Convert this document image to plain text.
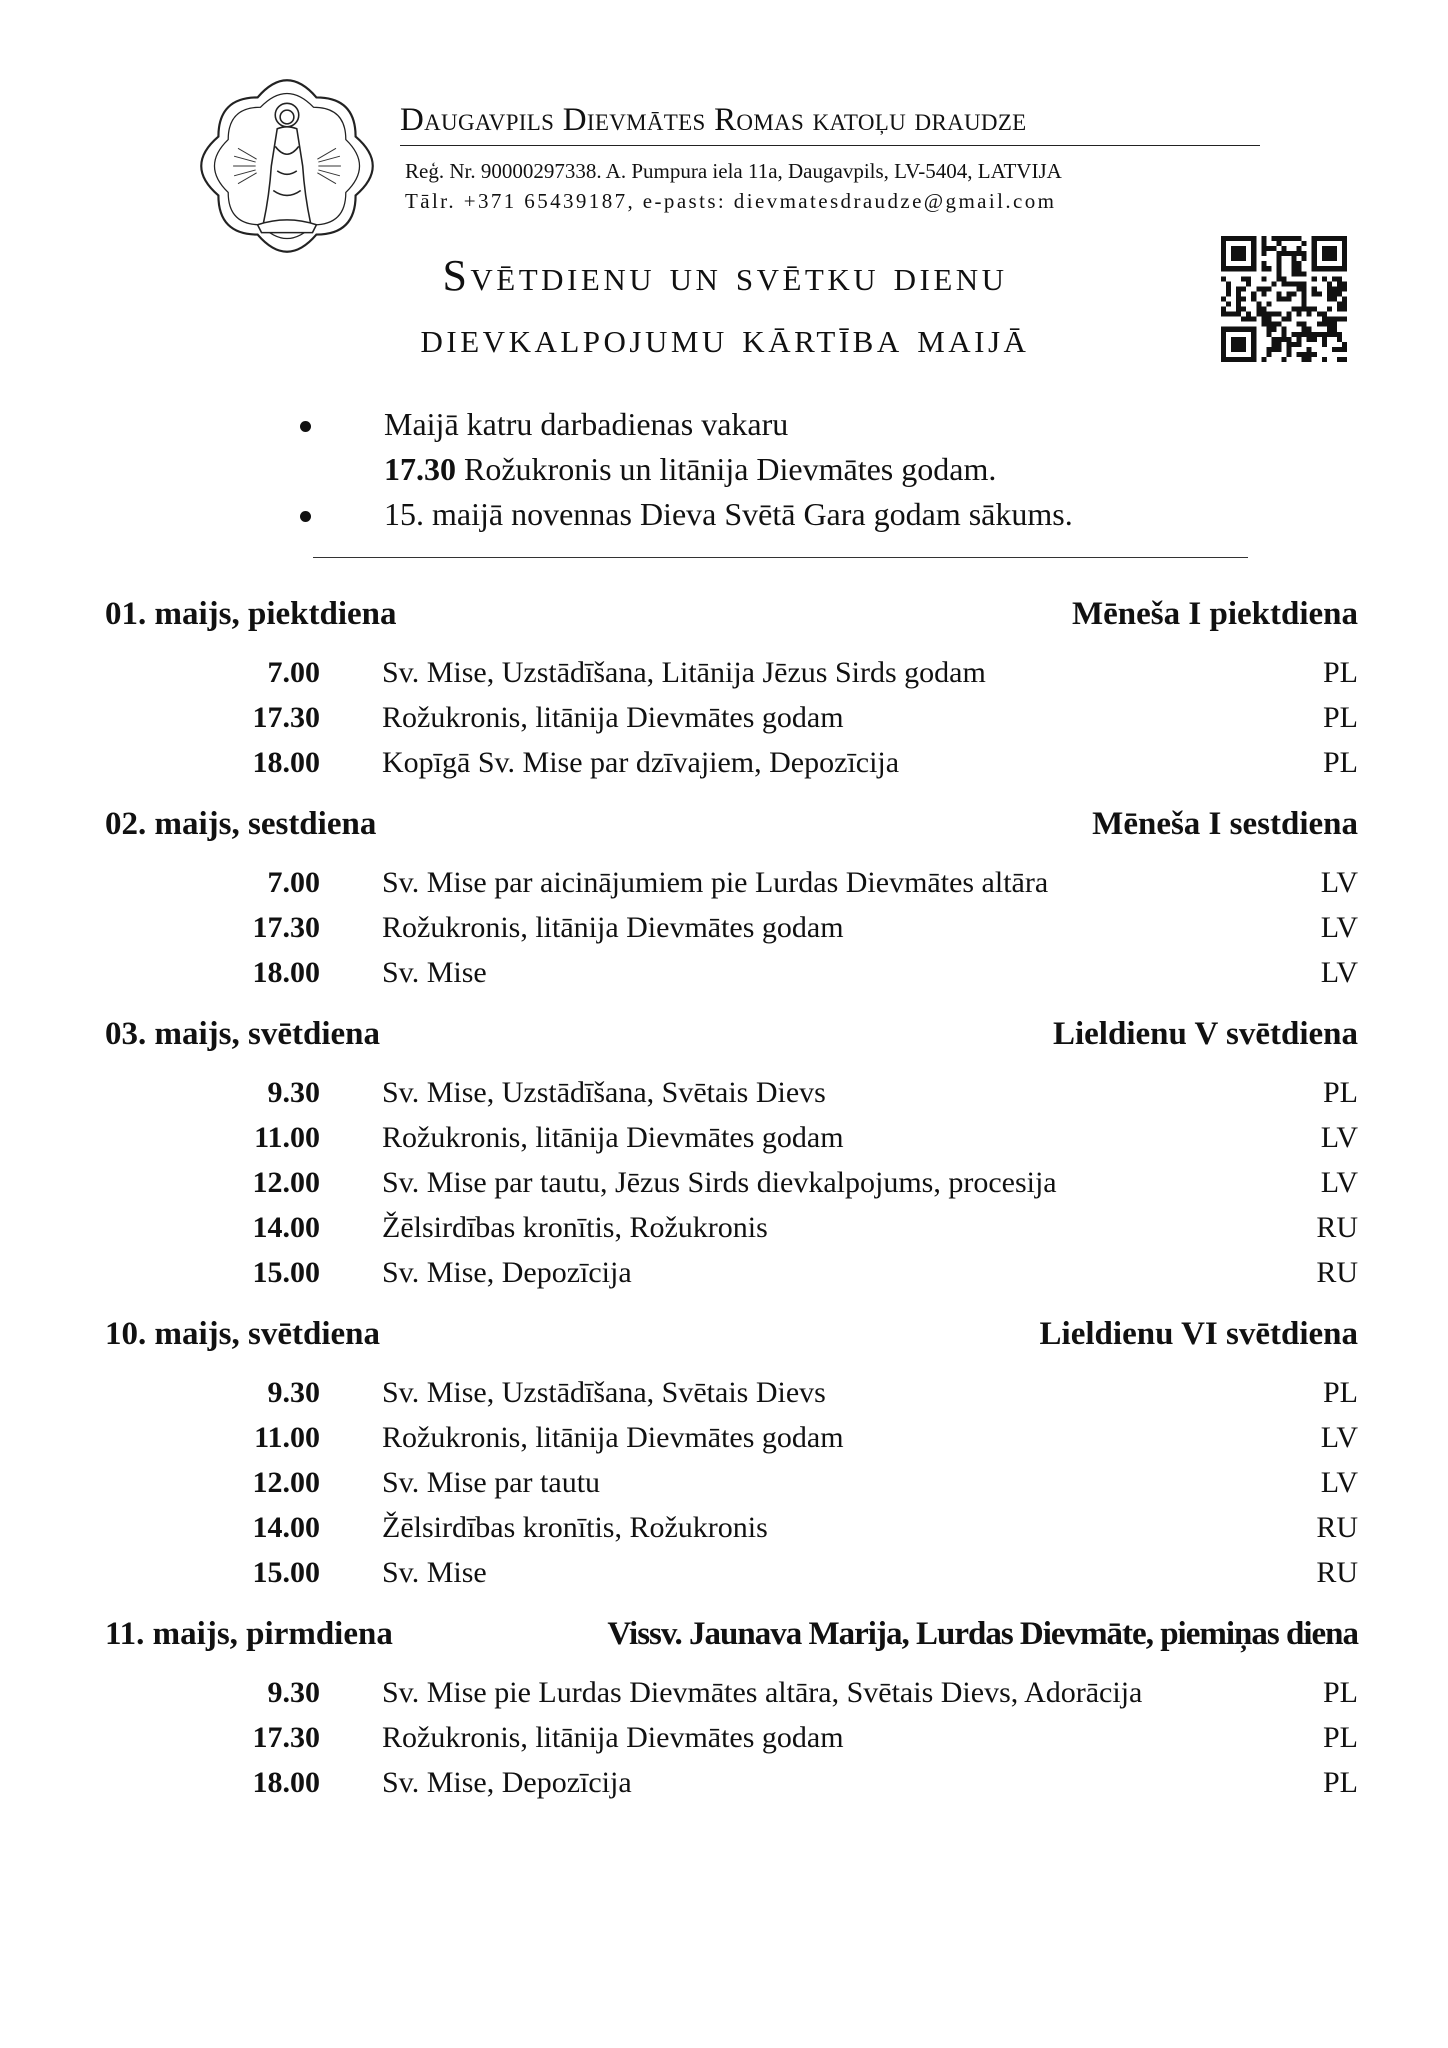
Daugavpils Dievmātes Romas katoļu draudze
Reģ. Nr. 90000297338. A. Pumpura iela 11a, Daugavpils, LV-5404, LATVIJA
Tālr. +371 65439187, e-pasts: dievmatesdraudze@gmail.com
Svētdienu un svētku dienu
dievkalpojumu kārtība maijā
Maijā katru darbadienas vakaru
17.30 Rožukronis un litānija Dievmātes godam.
15. maijā novennas Dieva Svētā Gara godam sākums.
01. maijs, piektdiena	Mēneša I piektdiena
7.00	Sv. Mise, Uzstādīšana, Litānija Jēzus Sirds godam	PL
17.30	Rožukronis, litānija Dievmātes godam	PL
18.00	Kopīgā Sv. Mise par dzīvajiem, Depozīcija	PL
02. maijs, sestdiena	Mēneša I sestdiena
7.00	Sv. Mise par aicinājumiem pie Lurdas Dievmātes altāra	LV
17.30	Rožukronis, litānija Dievmātes godam	LV
18.00	Sv. Mise	LV
03. maijs, svētdiena	Lieldienu V svētdiena
9.30	Sv. Mise, Uzstādīšana, Svētais Dievs	PL
11.00	Rožukronis, litānija Dievmātes godam	LV
12.00	Sv. Mise par tautu, Jēzus Sirds dievkalpojums, procesija	LV
14.00	Žēlsirdības kronītis, Rožukronis	RU
15.00	Sv. Mise, Depozīcija	RU
10. maijs, svētdiena	Lieldienu VI svētdiena
9.30	Sv. Mise, Uzstādīšana, Svētais Dievs	PL
11.00	Rožukronis, litānija Dievmātes godam	LV
12.00	Sv. Mise par tautu	LV
14.00	Žēlsirdības kronītis, Rožukronis	RU
15.00	Sv. Mise	RU
11. maijs, pirmdiena	Vissv. Jaunava Marija, Lurdas Dievmāte, piemiņas diena
9.30	Sv. Mise pie Lurdas Dievmātes altāra, Svētais Dievs, Adorācija	PL
17.30	Rožukronis, litānija Dievmātes godam	PL
18.00	Sv. Mise, Depozīcija	PL
